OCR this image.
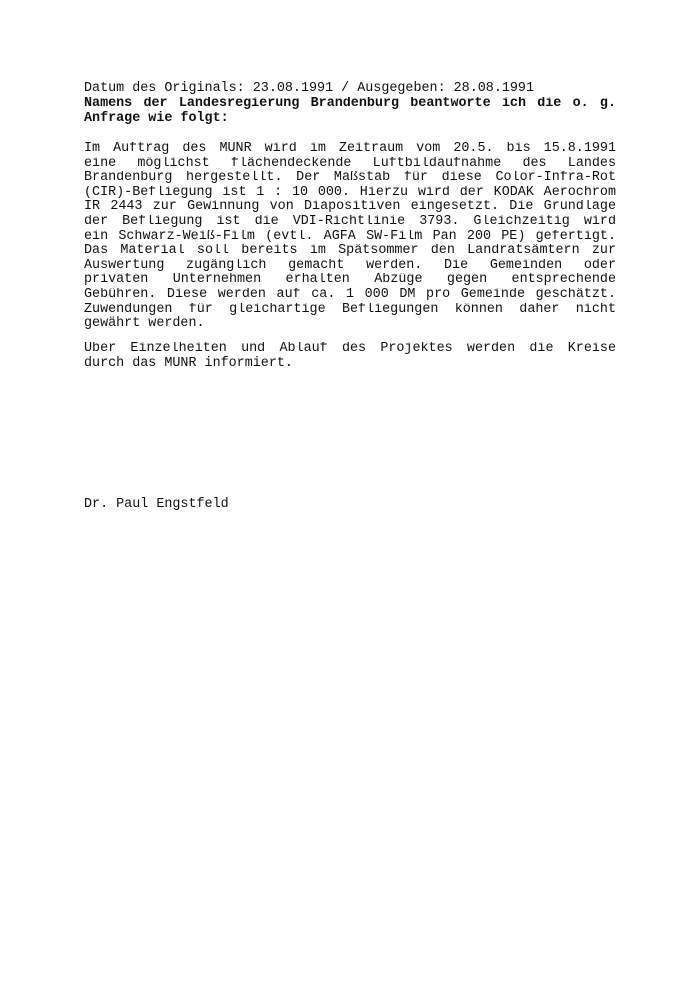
Datum des Originals: 23.08.1991 / Ausgegeben: 28.08.1991
Namens der Landesregierung Brandenburg beantworte ich die o. g.
Anfrage wie folgt:
Im Auftrag des MUNR wird im Zeitraum vom 20.5. bis 15.8.1991
eine möglichst flächendeckende Luftbildaufnahme des Landes
Brandenburg hergestellt. Der Maßstab für diese Color-Infra-Rot
(CIR)-Befliegung ist 1 : 10 000. Hierzu wird der KODAK Aerochrom
IR 2443 zur Gewinnung von Diapositiven eingesetzt. Die Grundlage
der Befliegung ist die VDI-Richtlinie 3793. Gleichzeitig wird
ein Schwarz-Weiß-Film (evtl. AGFA SW-Film Pan 200 PE) gefertigt.
Das Material soll bereits im Spätsommer den Landratsämtern zur
Auswertung zugänglich gemacht werden. Die Gemeinden oder
privaten Unternehmen erhalten Abzüge gegen entsprechende
Gebühren. Diese werden auf ca. 1 000 DM pro Gemeinde geschätzt.
Zuwendungen für gleichartige Befliegungen können daher nicht
gewährt werden.
Über Einzelheiten und Ablauf des Projektes werden die Kreise
durch das MUNR informiert.
Dr. Paul Engstfeld
